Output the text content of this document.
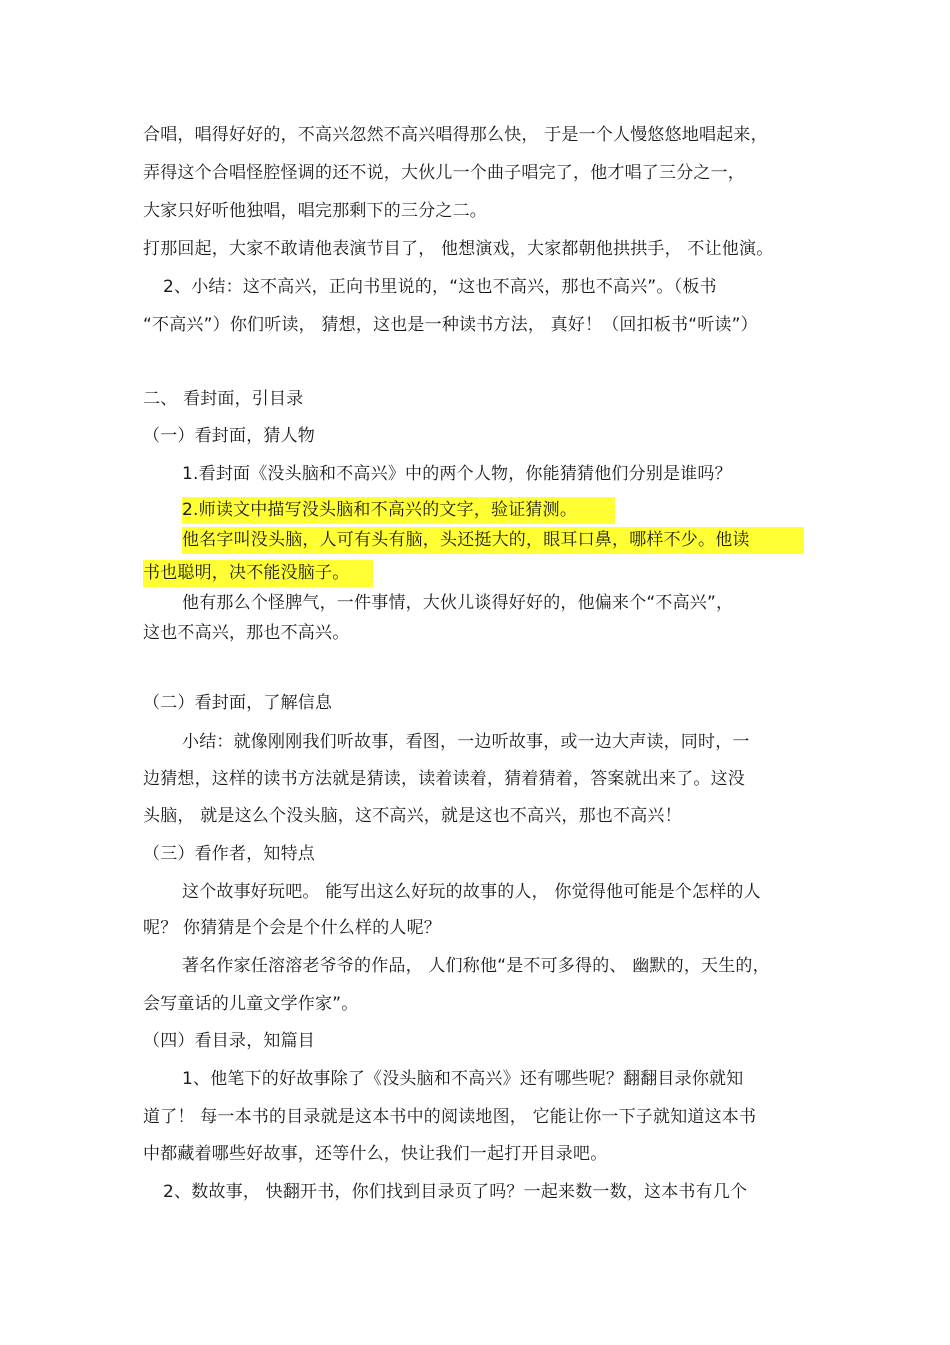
合唱，唱得好好的，不高兴忽然不高兴唱得那么快， 于是一个人慢悠悠地唱起来，
弄得这个合唱怪腔怪调的还不说，大伙儿一个曲子唱完了，他才唱了三分之一，
大家只好听他独唱，唱完那剩下的三分之二。
打那回起，大家不敢请他表演节目了， 他想演戏，大家都朝他拱拱手， 不让他演。
2、小结：这不高兴，正向书里说的，“这也不高兴，那也不高兴”。（板书
“不高兴”）你们听读， 猜想，这也是一种读书方法， 真好！（回扣板书“听读”）
二、 看封面，引目录
（一）看封面，猜人物
1.看封面《没头脑和不高兴》中的两个人物，你能猜猜他们分别是谁吗？
2.师读文中描写没头脑和不高兴的文字，验证猜测。
他名字叫没头脑，人可有头有脑，头还挺大的，眼耳口鼻，哪样不少。他读
书也聪明，决不能没脑子。
他有那么个怪脾气，一件事情，大伙儿谈得好好的，他偏来个“不高兴”，
这也不高兴，那也不高兴。
（二）看封面，了解信息
小结：就像刚刚我们听故事，看图，一边听故事，或一边大声读，同时，一
边猜想，这样的读书方法就是猜读，读着读着，猜着猜着，答案就出来了。这没
头脑， 就是这么个没头脑，这不高兴，就是这也不高兴，那也不高兴！
（三）看作者，知特点
这个故事好玩吧。 能写出这么好玩的故事的人， 你觉得他可能是个怎样的人
呢？ 你猜猜是个会是个什么样的人呢？
著名作家任溶溶老爷爷的作品， 人们称他“是不可多得的、 幽默的，天生的，
会写童话的儿童文学作家”。
（四）看目录，知篇目
1、他笔下的好故事除了《没头脑和不高兴》还有哪些呢？翻翻目录你就知
道了！ 每一本书的目录就是这本书中的阅读地图， 它能让你一下子就知道这本书
中都藏着哪些好故事，还等什么，快让我们一起打开目录吧。
2、数故事， 快翻开书，你们找到目录页了吗？一起来数一数，这本书有几个
